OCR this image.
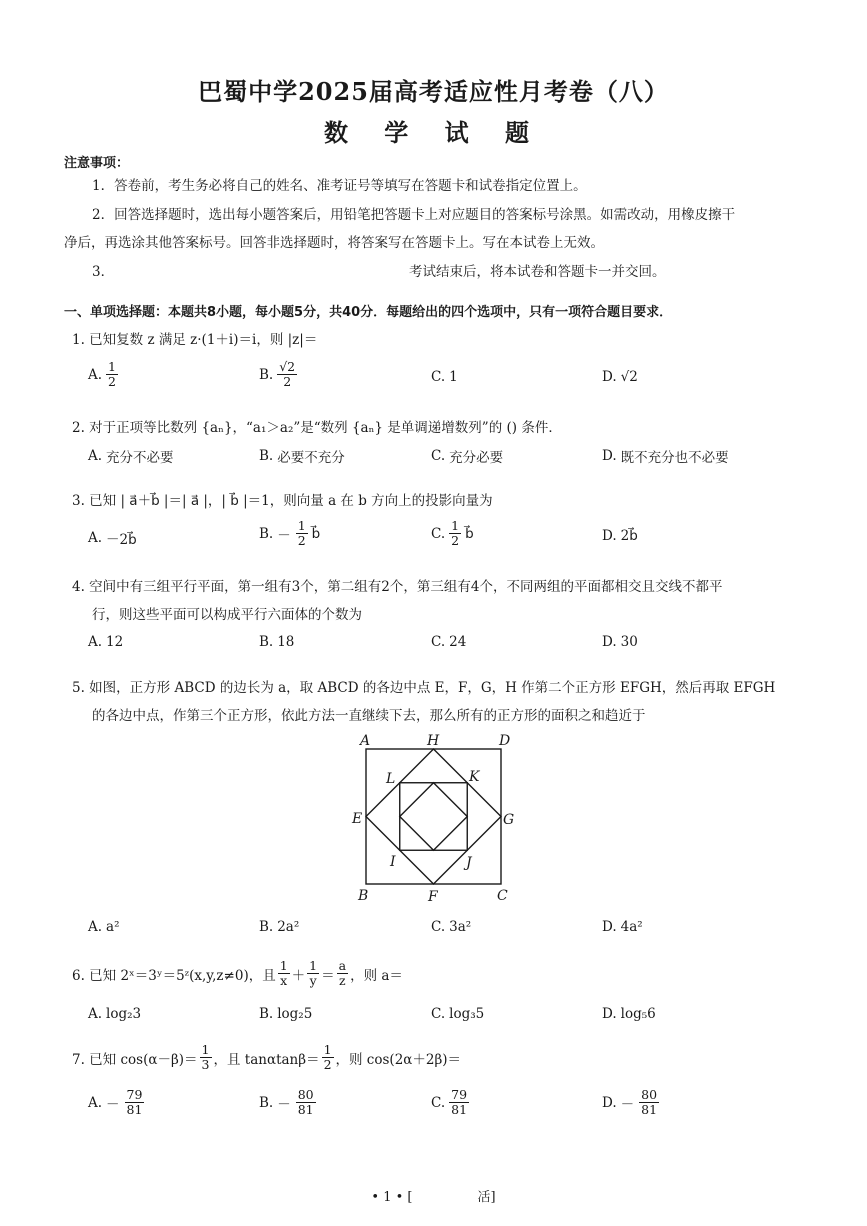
巴蜀中学2025届高考适应性月考卷（八）
数 学 试 题
注意事项：
1．答卷前，考生务必将自己的姓名、准考证号等填写在答题卡和试卷指定位置上。
2．回答选择题时，选出每小题答案后，用铅笔把答题卡上对应题目的答案标号涂黑。如需改动，用橡皮擦干
净后，再选涂其他答案标号。回答非选择题时，将答案写在答题卡上。写在本试卷上无效。
3．	考试结束后，将本试卷和答题卡一并交回。
一、单项选择题：本题共8小题，每小题5分，共40分．每题给出的四个选项中，只有一项符合题目要求．
1. 已知复数 z 满足 z·(1＋i)＝i，则 |z|＝
A. $\frac{1}{2}$	B. $\frac{√2}{2}$	C. 1	D. √2
2. 对于正项等比数列 {aₙ}，“a₁＞a₂”是“数列 {aₙ} 是单调递增数列”的 () 条件．
A. 充分不必要	B. 必要不充分	C. 充分必要	D. 既不充分也不必要
3. 已知 | a⃗＋b⃗ |＝| a⃗ |，| b⃗ |＝1，则向量 a 在 b 方向上的投影向量为
A. －2b⃗	B. － $\frac{1}{2}$ b⃗	C. $\frac{1}{2}$ b⃗	D. 2b⃗
4. 空间中有三组平行平面，第一组有3个，第二组有2个，第三组有4个，不同两组的平面都相交且交线不都平
行，则这些平面可以构成平行六面体的个数为
A. 12	B. 18	C. 24	D. 30
5. 如图，正方形 ABCD 的边长为 a，取 ABCD 的各边中点 E，F，G，H 作第二个正方形 EFGH，然后再取 EFGH
的各边中点，作第三个正方形，依此方法一直继续下去，那么所有的正方形的面积之和趋近于
A	H	D
L	K
E	G
I	J
B	F	C
A. a²	B. 2a²	C. 3a²	D. 4a²
6. 已知 2ˣ＝3ʸ＝5ᶻ(x,y,z≠0)，且 $\frac{1}{x} + \frac{1}{y} = \frac{a}{z}$ ，则 a＝
A. log₂3	B. log₂5	C. log₃5	D. log₅6
7. 已知 $\cos(\alpha-\beta)= \frac{1}{3}$ ，且 $\tan\alpha\tan\beta= \frac{1}{2}$ ，则 cos(2α＋2β)＝
A. － $\frac{79}{81}$	B. － $\frac{80}{81}$	C. $\frac{79}{81}$	D. － $\frac{80}{81}$
• 1 • [　　　　　㓉]
